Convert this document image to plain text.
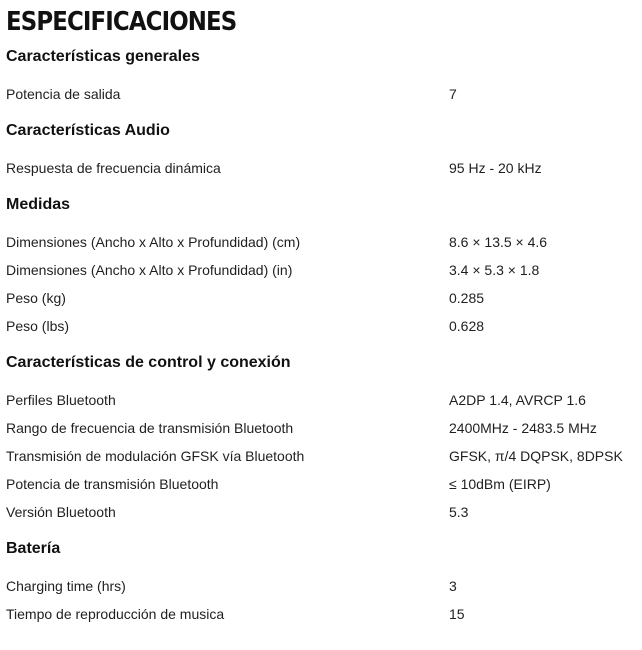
ESPECIFICACIONES
Características generales
Potencia de salida	7
Características Audio
Respuesta de frecuencia dinámica	95 Hz - 20 kHz
Medidas
Dimensiones (Ancho x Alto x Profundidad) (cm)	8.6 × 13.5 × 4.6
Dimensiones (Ancho x Alto x Profundidad) (in)	3.4 × 5.3 × 1.8
Peso (kg)	0.285
Peso (lbs)	0.628
Características de control y conexión
Perfiles Bluetooth	A2DP 1.4, AVRCP 1.6
Rango de frecuencia de transmisión Bluetooth	2400MHz - 2483.5 MHz
Transmisión de modulación GFSK vía Bluetooth	GFSK, π/4 DQPSK, 8DPSK
Potencia de transmisión Bluetooth	≤ 10dBm (EIRP)
Versión Bluetooth	5.3
Batería
Charging time (hrs)	3
Tiempo de reproducción de musica	15
